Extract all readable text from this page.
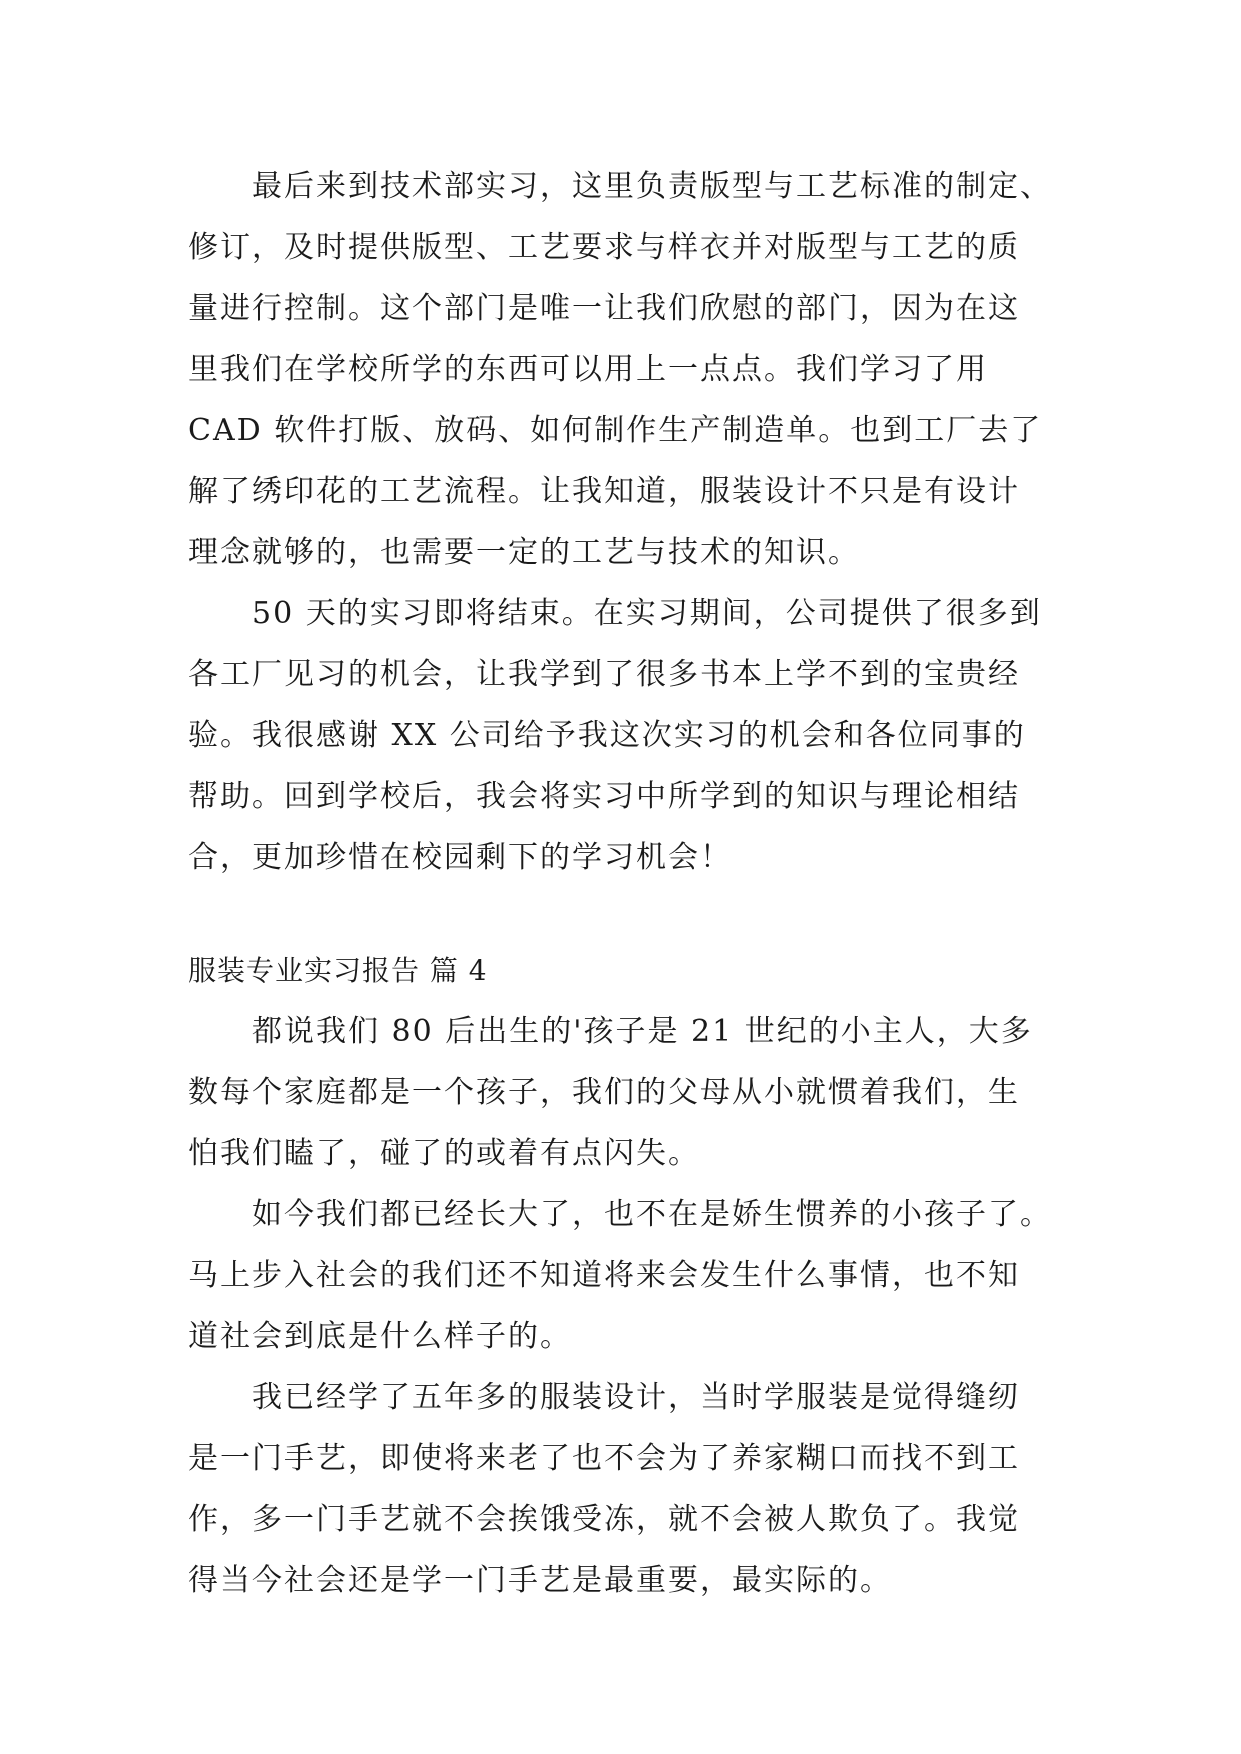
最后来到技术部实习，这里负责版型与工艺标准的制定、
修订，及时提供版型、工艺要求与样衣并对版型与工艺的质
量进行控制。这个部门是唯一让我们欣慰的部门，因为在这
里我们在学校所学的东西可以用上一点点。我们学习了用
CAD 软件打版、放码、如何制作生产制造单。也到工厂去了
解了绣印花的工艺流程。让我知道，服装设计不只是有设计
理念就够的，也需要一定的工艺与技术的知识。
50 天的实习即将结束。在实习期间，公司提供了很多到
各工厂见习的机会，让我学到了很多书本上学不到的宝贵经
验。我很感谢 XX 公司给予我这次实习的机会和各位同事的
帮助。回到学校后，我会将实习中所学到的知识与理论相结
合，更加珍惜在校园剩下的学习机会！
服装专业实习报告 篇 4
都说我们 80 后出生的'孩子是 21 世纪的小主人，大多
数每个家庭都是一个孩子，我们的父母从小就惯着我们，生
怕我们瞌了，碰了的或着有点闪失。
如今我们都已经长大了，也不在是娇生惯养的小孩子了。
马上步入社会的我们还不知道将来会发生什么事情，也不知
道社会到底是什么样子的。
我已经学了五年多的服装设计，当时学服装是觉得缝纫
是一门手艺，即使将来老了也不会为了养家糊口而找不到工
作，多一门手艺就不会挨饿受冻，就不会被人欺负了。我觉
得当今社会还是学一门手艺是最重要，最实际的。
